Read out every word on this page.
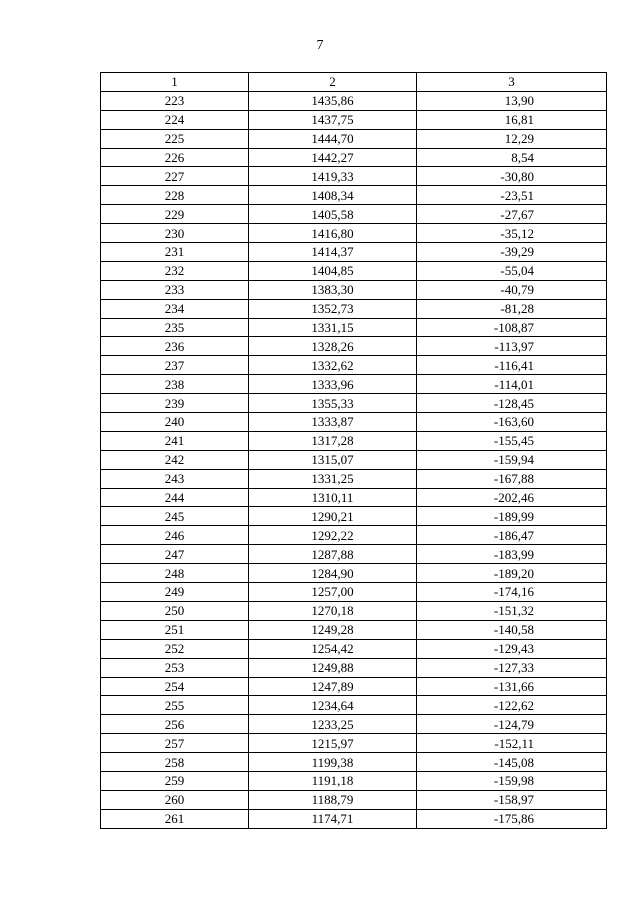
7
1	2	3
223	1435,86	13,90
224	1437,75	16,81
225	1444,70	12,29
226	1442,27	8,54
227	1419,33	-30,80
228	1408,34	-23,51
229	1405,58	-27,67
230	1416,80	-35,12
231	1414,37	-39,29
232	1404,85	-55,04
233	1383,30	-40,79
234	1352,73	-81,28
235	1331,15	-108,87
236	1328,26	-113,97
237	1332,62	-116,41
238	1333,96	-114,01
239	1355,33	-128,45
240	1333,87	-163,60
241	1317,28	-155,45
242	1315,07	-159,94
243	1331,25	-167,88
244	1310,11	-202,46
245	1290,21	-189,99
246	1292,22	-186,47
247	1287,88	-183,99
248	1284,90	-189,20
249	1257,00	-174,16
250	1270,18	-151,32
251	1249,28	-140,58
252	1254,42	-129,43
253	1249,88	-127,33
254	1247,89	-131,66
255	1234,64	-122,62
256	1233,25	-124,79
257	1215,97	-152,11
258	1199,38	-145,08
259	1191,18	-159,98
260	1188,79	-158,97
261	1174,71	-175,86
